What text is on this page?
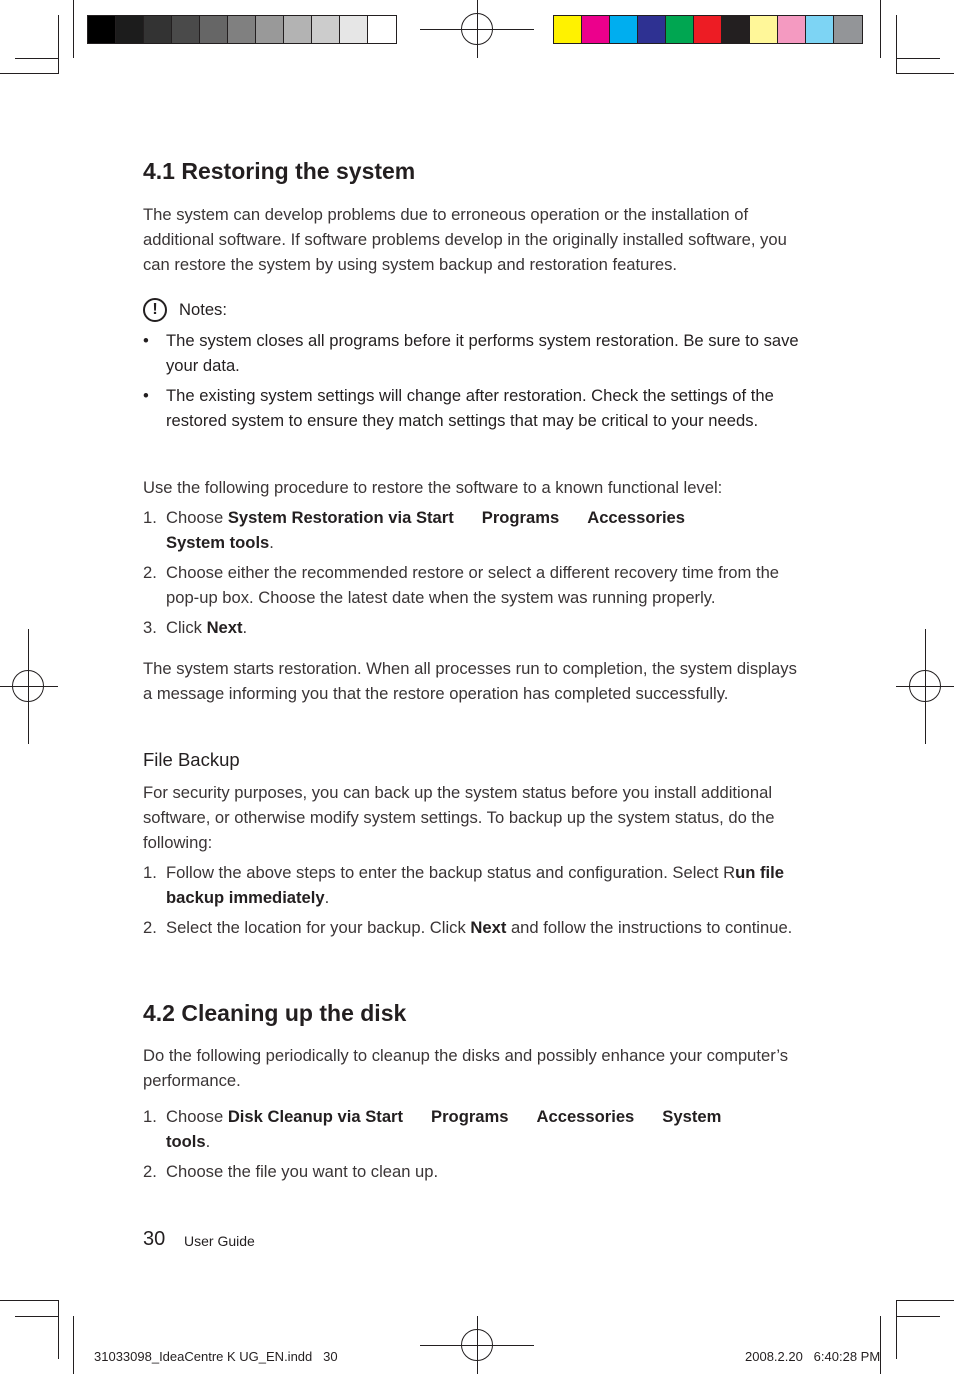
4.1 Restoring the system

The system can develop problems due to erroneous operation or the installation of additional software. If software problems develop in the originally installed software, you can restore the system by using system backup and restoration features.

!	Notes:
•	The system closes all programs before it performs system restoration. Be sure to save your data.
•	The existing system settings will change after restoration. Check the settings of the restored system to ensure they match settings that may be critical to your needs.

Use the following procedure to restore the software to a known functional level:

1. Choose System Restoration via Start Programs Accessories
System tools.
2. Choose either the recommended restore or select a different recovery time from the pop-up box. Choose the latest date when the system was running properly.
3. Click Next.

The system starts restoration. When all processes run to completion, the system displays a message informing you that the restore operation has completed successfully.

File Backup

For security purposes, you can back up the system status before you install additional software, or otherwise modify system settings. To backup up the system status, do the following:

1. Follow the above steps to enter the backup status and configuration. Select Run file backup immediately.
2. Select the location for your backup. Click Next and follow the instructions to continue.
4.2 Cleaning up the disk

Do the following periodically to cleanup the disks and possibly enhance your computer’s performance.

1. Choose Disk Cleanup via Start Programs Accessories System
tools.
2. Choose the file you want to clean up.
30 User Guide
31033098_IdeaCentre K UG_EN.indd   30	2008.2.20   6:40:28 PM
